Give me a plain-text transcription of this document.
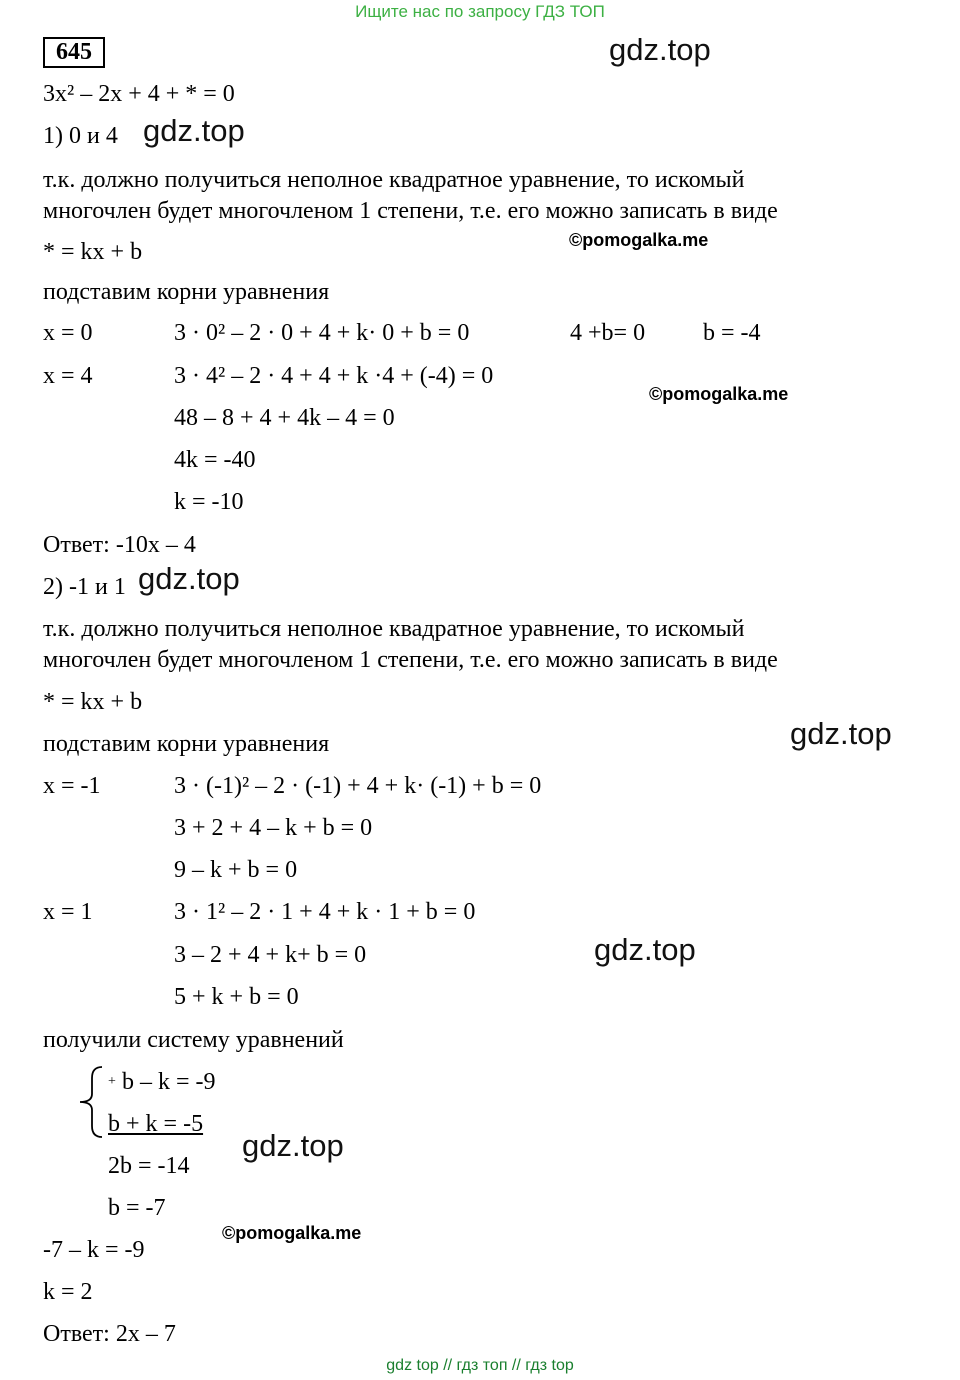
Ищите нас по запросу ГДЗ ТОП
645	gdz.top
3x² – 2x + 4 + * = 0
1) 0 и 4 gdz.top
т.к. должно получиться неполное квадратное уравнение, то искомый
многочлен будет многочленом 1 степени, т.е. его можно записать в виде
* = kx + b	©pomogalka.me
подставим корни уравнения
x = 0	3 · 0² – 2 · 0 + 4 + k· 0 + b = 0	4 +b= 0 b = -4
x = 4	3 · 4² – 2 · 4 + 4 + k ·4 + (-4) = 0
©pomogalka.me
48 – 8 + 4 + 4k – 4 = 0
4k = -40
k = -10
Ответ: -10x – 4
2) -1 и 1 gdz.top
т.к. должно получиться неполное квадратное уравнение, то искомый
многочлен будет многочленом 1 степени, т.е. его можно записать в виде
* = kx + b
подставим корни уравнения	gdz.top
x = -1	3 · (-1)² – 2 · (-1) + 4 + k· (-1) + b = 0
3 + 2 + 4 – k + b = 0
9 – k + b = 0
x = 1	3 · 1² – 2 · 1 + 4 + k · 1 + b = 0
3 – 2 + 4 + k+ b = 0	gdz.top
5 + k + b = 0
получили систему уравнений
+ b – k = -9
b + k = -5
gdz.top
2b = -14
b = -7
©pomogalka.me
-7 – k = -9
k = 2
Ответ: 2x – 7
gdz top // гдз топ // гдз top
